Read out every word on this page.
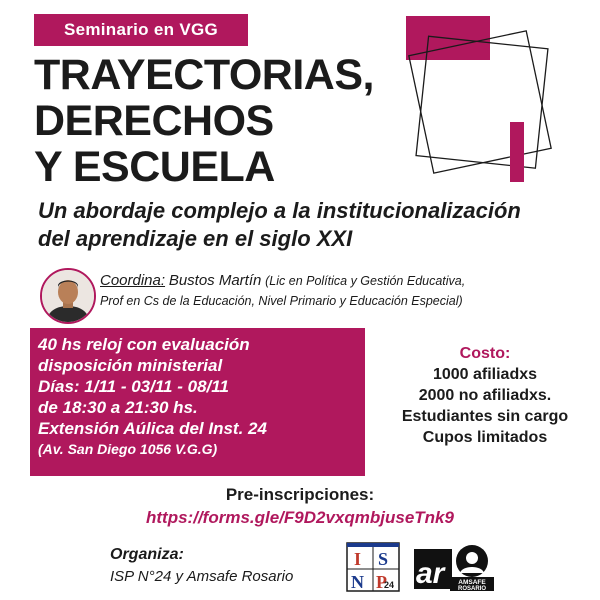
Seminario en VGG
TRAYECTORIAS,
DERECHOS
Y ESCUELA
Un abordaje complejo a la institucionalización
del aprendizaje en el siglo XXI
Coordina: Bustos Martín (Lic en Política y Gestión Educativa,
Prof en Cs de la Educación, Nivel Primario y Educación Especial)
40 hs reloj con evaluación
disposición ministerial
Días: 1/11 - 03/11 - 08/11
de 18:30 a 21:30 hs.
Extensión Aúlica del Inst. 24
(Av. San Diego 1056 V.G.G)
Costo:
1000 afiliadxs
2000 no afiliadxs.
Estudiantes sin cargo
Cupos limitados
Pre-inscripciones:
https://forms.gle/F9D2vxqmbjuseTnk9
Organiza:
ISP N°24 y Amsafe Rosario
I S
N P
24 ar	AMSAFE
ROSARIO
